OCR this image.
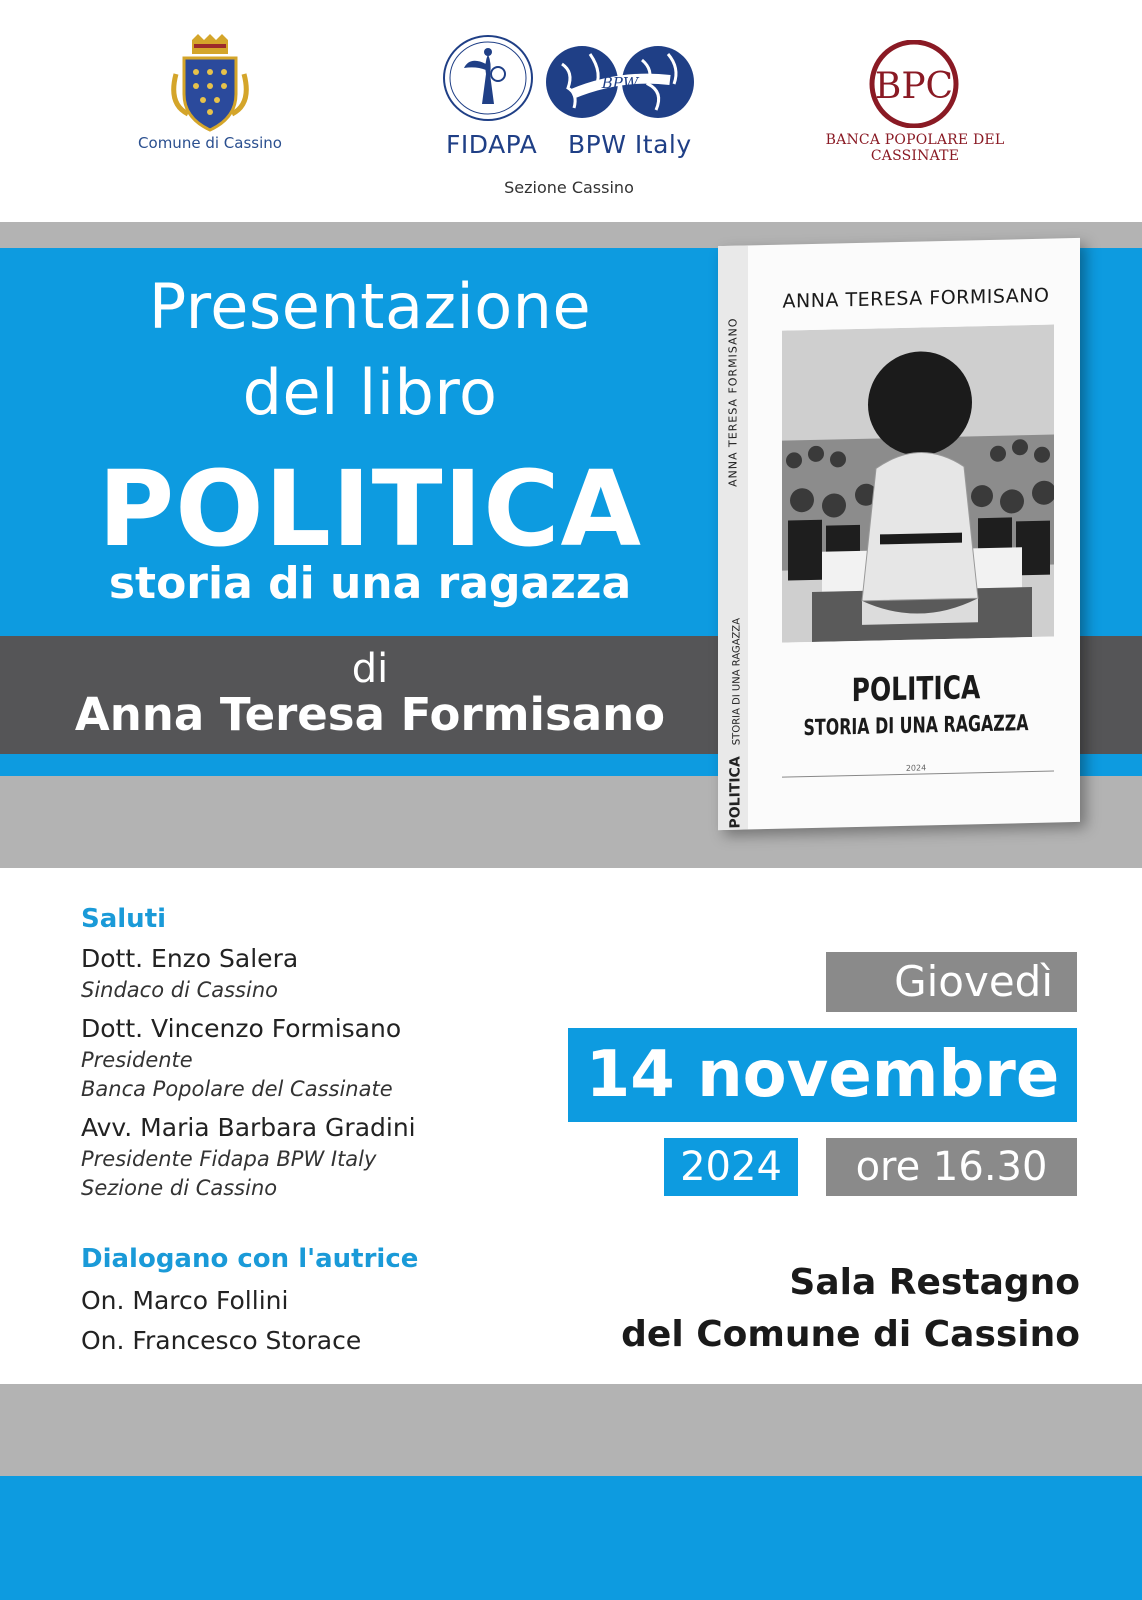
Comune di Cassino
BPW
FIDAPA BPW Italy
Sezione Cassino
BPC
BANCA POPOLARE DEL CASSINATE
Presentazione
del libro
POLITICA
storia di una ragazza
di
Anna Teresa Formisano
ANNA TERESA FORMISANO
POLITICA STORIA DI UNA RAGAZZA
ANNA TERESA FORMISANO
POLITICA
STORIA DI UNA RAGAZZA
2024
Saluti
Dott. Enzo Salera
Sindaco di Cassino
Dott. Vincenzo Formisano
Presidente
Banca Popolare del Cassinate
Avv. Maria Barbara Gradini
Presidente Fidapa BPW Italy
Sezione di Cassino
Dialogano con l'autrice
On. Marco Follini
On. Francesco Storace
Giovedì
14 novembre
2024	ore 16.30
Sala Restagno
del Comune di Cassino
